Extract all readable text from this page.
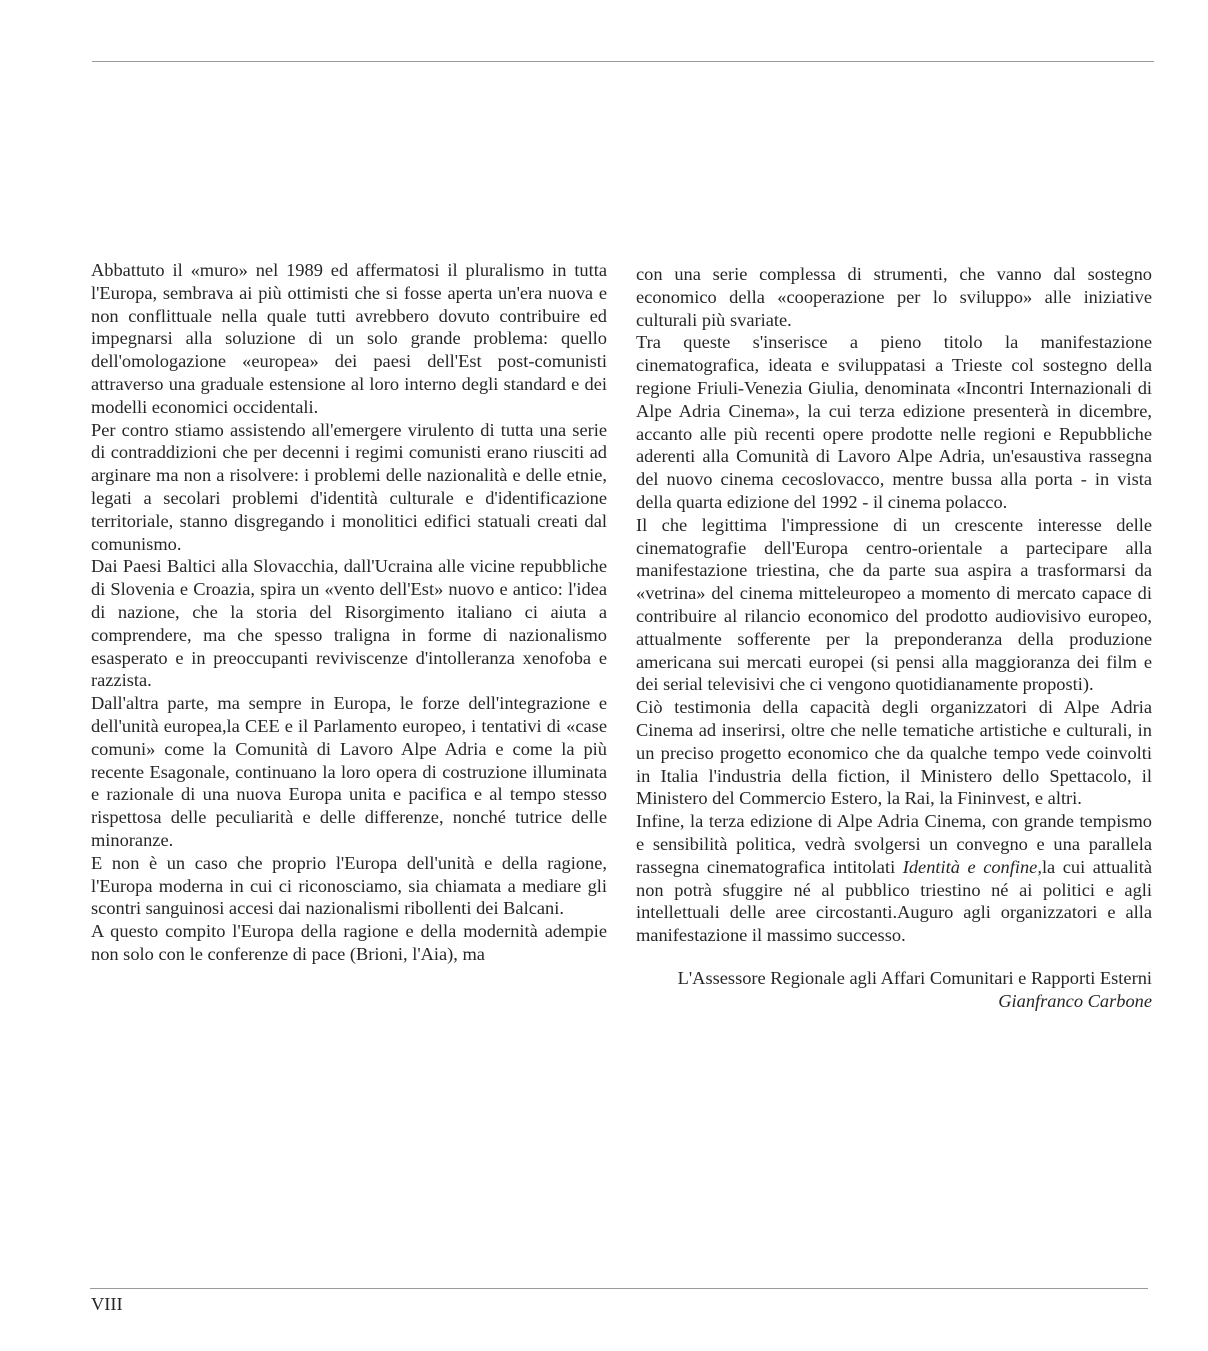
Abbattuto il «muro» nel 1989 ed affermatosi il pluralismo in tutta l'Europa, sembrava ai più ottimisti che si fosse aperta un'era nuova e non conflittuale nella quale tutti avrebbero dovuto contribuire ed impegnarsi alla soluzione di un solo grande problema: quello dell'omologazione «europea» dei paesi dell'Est post-comunisti attraverso una graduale estensione al loro interno degli standard e dei modelli economici occidentali.

Per contro stiamo assistendo all'emergere virulento di tutta una serie di contraddizioni che per decenni i regimi comunisti erano riusciti ad arginare ma non a risolvere: i problemi delle nazionalità e delle etnie, legati a secolari problemi d'identità culturale e d'identificazione territoriale, stanno disgregando i monolitici edifici statuali creati dal comunismo.

Dai Paesi Baltici alla Slovacchia, dall'Ucraina alle vicine repubbliche di Slovenia e Croazia, spira un «vento dell'Est» nuovo e antico: l'idea di nazione, che la storia del Risorgimento italiano ci aiuta a comprendere, ma che spesso traligna in forme di nazionalismo esasperato e in preoccupanti reviviscenze d'intolleranza xenofoba e razzista.

Dall'altra parte, ma sempre in Europa, le forze dell'integrazione e dell'unità europea,la CEE e il Parlamento europeo, i tentativi di «case comuni» come la Comunità di Lavoro Alpe Adria e come la più recente Esagonale, continuano la loro opera di costruzione illuminata e razionale di una nuova Europa unita e pacifica e al tempo stesso rispettosa delle peculiarità e delle differenze, nonché tutrice delle minoranze.

E non è un caso che proprio l'Europa dell'unità e della ragione, l'Europa moderna in cui ci riconosciamo, sia chiamata a mediare gli scontri sanguinosi accesi dai nazionalismi ribollenti dei Balcani.

A questo compito l'Europa della ragione e della modernità adempie non solo con le conferenze di pace (Brioni, l'Aia), ma

con una serie complessa di strumenti, che vanno dal sostegno economico della «cooperazione per lo sviluppo» alle iniziative culturali più svariate.

Tra queste s'inserisce a pieno titolo la manifestazione cinematografica, ideata e sviluppatasi a Trieste col sostegno della regione Friuli-Venezia Giulia, denominata «Incontri Internazionali di Alpe Adria Cinema», la cui terza edizione presenterà in dicembre, accanto alle più recenti opere prodotte nelle regioni e Repubbliche aderenti alla Comunità di Lavoro Alpe Adria, un'esaustiva rassegna del nuovo cinema cecoslovacco, mentre bussa alla porta - in vista della quarta edizione del 1992 - il cinema polacco.

Il che legittima l'impressione di un crescente interesse delle cinematografie dell'Europa centro-orientale a partecipare alla manifestazione triestina, che da parte sua aspira a trasformarsi da «vetrina» del cinema mitteleuropeo a momento di mercato capace di contribuire al rilancio economico del prodotto audiovisivo europeo, attualmente sofferente per la preponderanza della produzione americana sui mercati europei (si pensi alla maggioranza dei film e dei serial televisivi che ci vengono quotidianamente proposti).

Ciò testimonia della capacità degli organizzatori di Alpe Adria Cinema ad inserirsi, oltre che nelle tematiche artistiche e culturali, in un preciso progetto economico che da qualche tempo vede coinvolti in Italia l'industria della fiction, il Ministero dello Spettacolo, il Ministero del Commercio Estero, la Rai, la Fininvest, e altri.

Infine, la terza edizione di Alpe Adria Cinema, con grande tempismo e sensibilità politica, vedrà svolgersi un convegno e una parallela rassegna cinematografica intitolati Identità e confine,la cui attualità non potrà sfuggire né al pubblico triestino né ai politici e agli intellettuali delle aree circostanti.Auguro agli organizzatori e alla manifestazione il massimo successo.

L'Assessore Regionale agli Affari Comunitari e Rapporti Esterni

Gianfranco Carbone

VIII
